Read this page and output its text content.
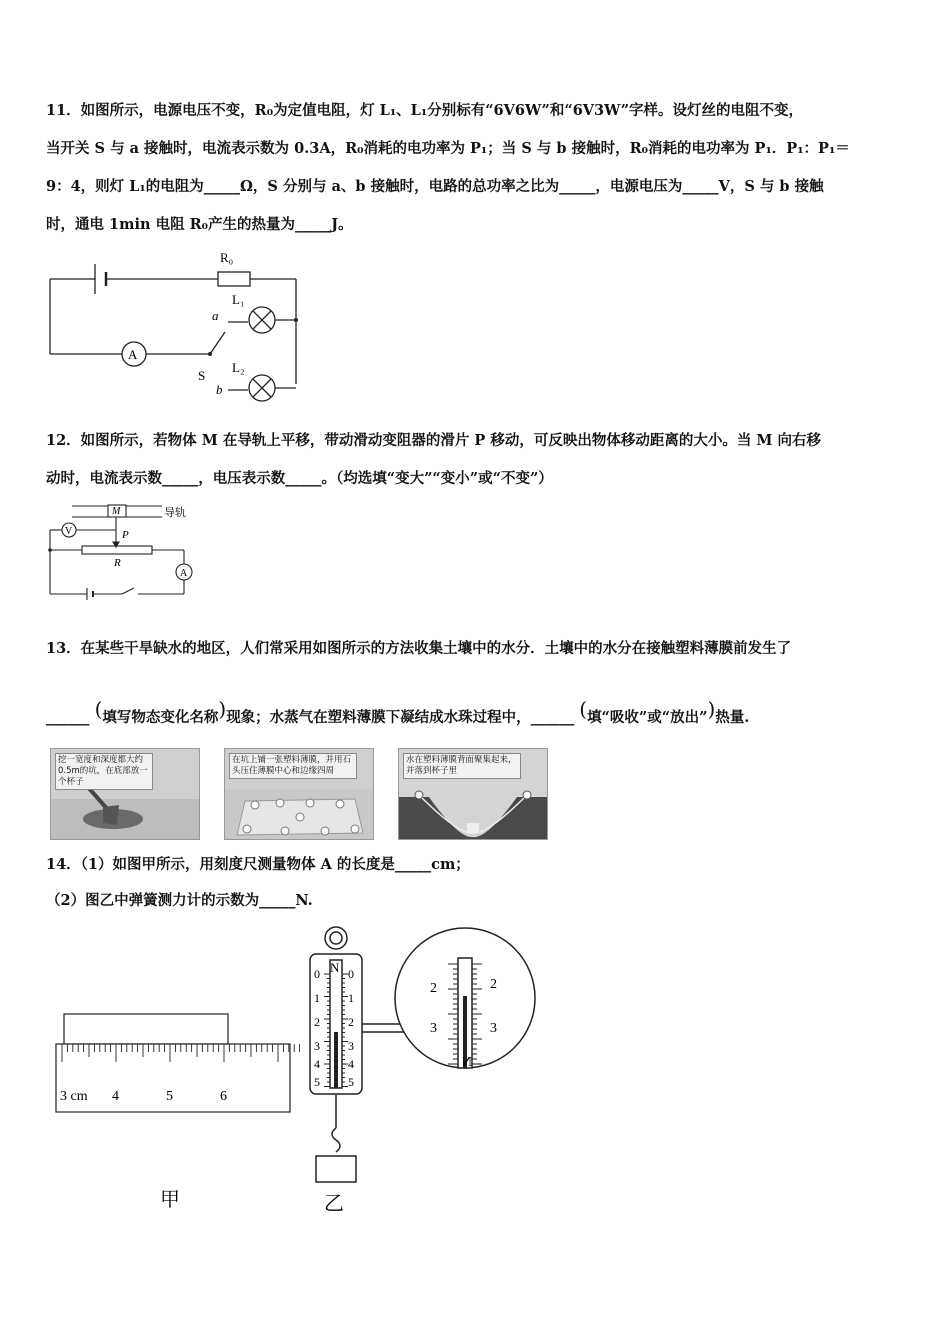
11．如图所示，电源电压不变，R₀为定值电阻，灯 L₁、L₁分别标有“6V6W”和“6V3W”字样。设灯丝的电阻不变，
当开关 S 与 a 接触时，电流表示数为 0.3A，R₀消耗的电功率为 P₁；当 S 与 b 接触时，R₀消耗的电功率为 P₁．P₁：P₁＝
9：4，则灯 L₁的电阻为_____Ω，S 分别与 a、b 接触时，电路的总功率之比为_____，电源电压为_____V，S 与 b 接触
时，通电 1min 电阻 R₀产生的热量为_____J。
A
R₀
L₁
L₂
a
b
S
12．如图所示，若物体 M 在导轨上平移，带动滑动变阻器的滑片 P 移动，可反映出物体移动距离的大小。当 M 向右移
动时，电流表示数_____，电压表示数_____。（均选填“变大”“变小”或“不变”）
M	导轨
P
R
V
A
13．在某些干旱缺水的地区，人们常采用如图所示的方法收集土壤中的水分．土壤中的水分在接触塑料薄膜前发生了
______ (填写物态变化名称)现象；水蒸气在塑料薄膜下凝结成水珠过程中，______ (填“吸收”或“放出”)热量.
挖一宽度和深度都大约0.5m的坑，在底部放一个杯子
在坑上铺一张塑料薄膜，并用石头压住薄膜中心和边缘四周
水在塑料薄膜背面聚集起来，并落到杯子里
14．（1）如图甲所示，用刻度尺测量物体 A 的长度是_____cm；
（2）图乙中弹簧测力计的示数为_____N.
3 cm 4	5	6
甲
N
0
1
2
3
4
5
0
1
2
3
4
5
2
3
2
3
N
乙
